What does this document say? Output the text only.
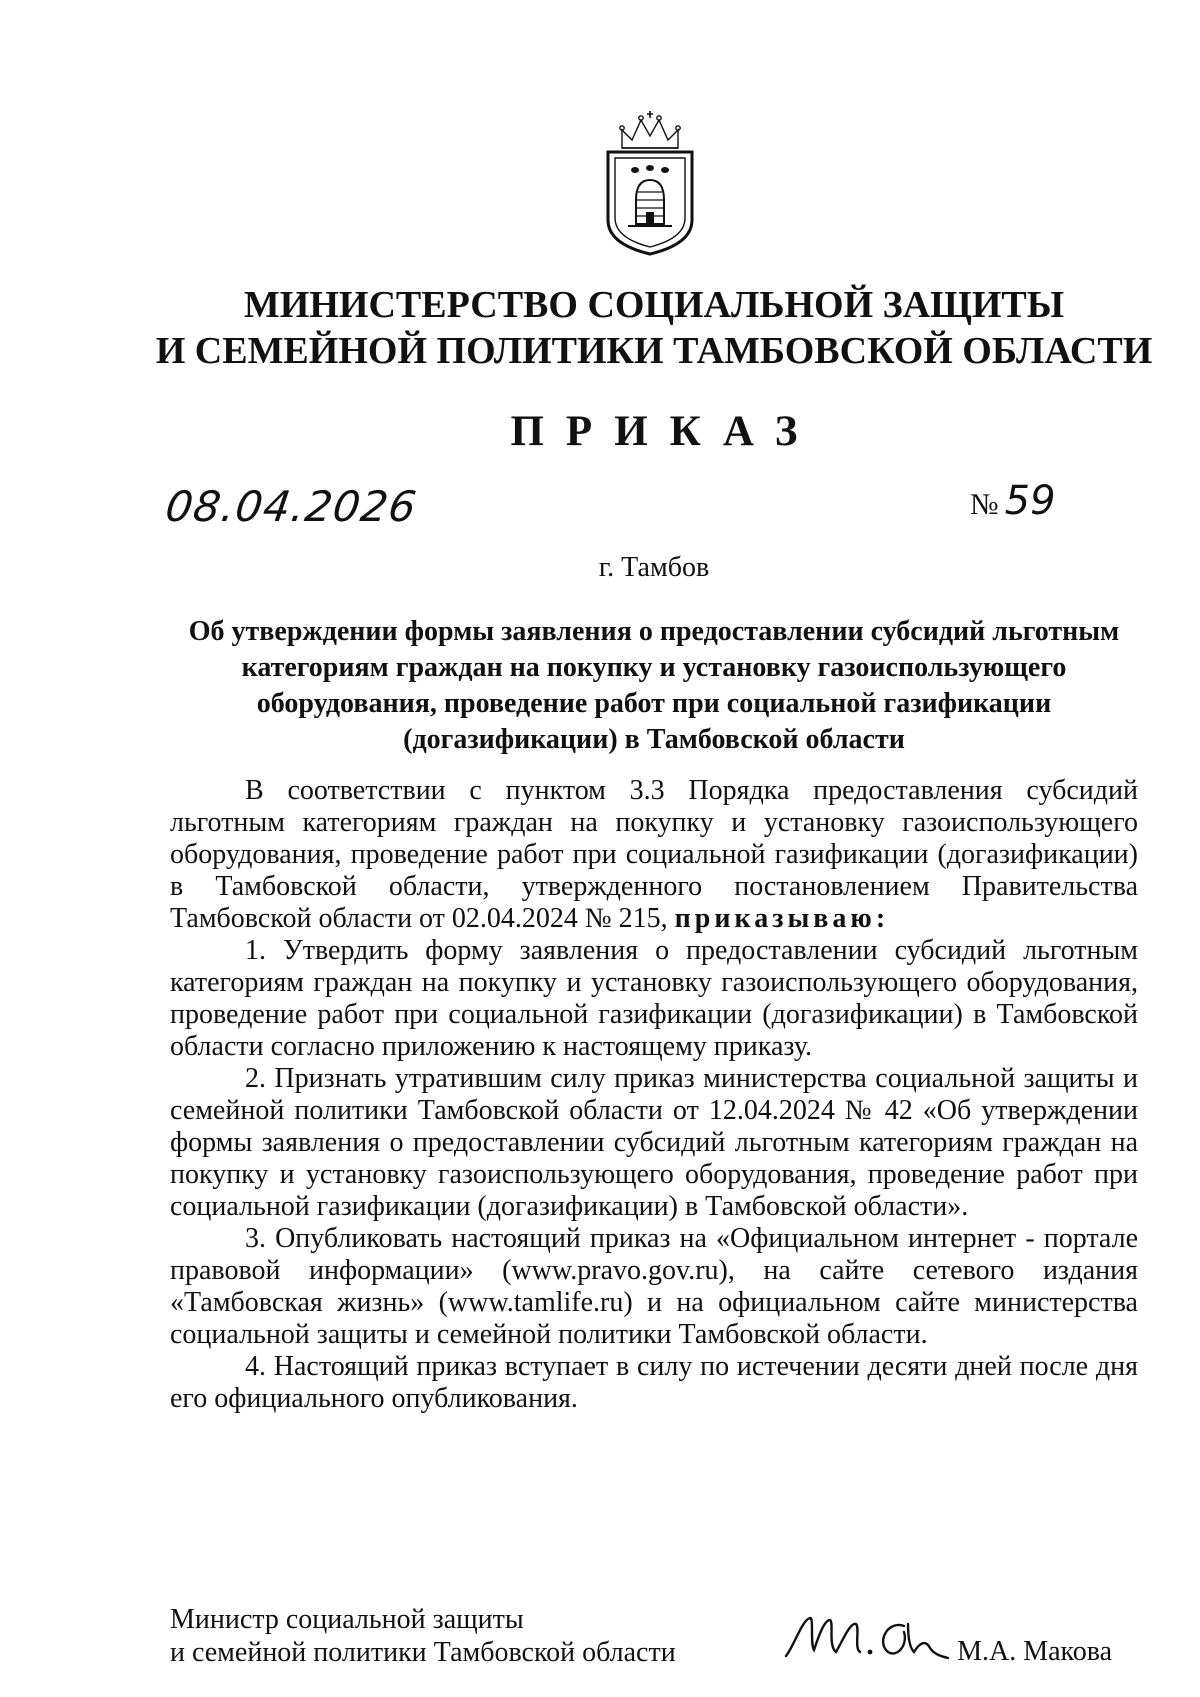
МИНИСТЕРСТВО СОЦИАЛЬНОЙ ЗАЩИТЫ
И СЕМЕЙНОЙ ПОЛИТИКИ ТАМБОВСКОЙ ОБЛАСТИ
ПРИКАЗ
08.04.2026	№ 59
г. Тамбов
Об утверждении формы заявления о предоставлении субсидий льготным
категориям граждан на покупку и установку газоиспользующего
оборудования, проведение работ при социальной газификации
(догазификации) в Тамбовской области

В соответствии с пунктом 3.3 Порядка предоставления субсидий льготным категориям граждан на покупку и установку газоиспользующего оборудования, проведение работ при социальной газификации (догазификации) в Тамбовской области, утвержденного постановлением Правительства Тамбовской области от 02.04.2024 № 215, приказываю:

1. Утвердить форму заявления о предоставлении субсидий льготным категориям граждан на покупку и установку газоиспользующего оборудования, проведение работ при социальной газификации (догазификации) в Тамбовской области согласно приложению к настоящему приказу.

2. Признать утратившим силу приказ министерства социальной защиты и семейной политики Тамбовской области от 12.04.2024 № 42 «Об утверждении формы заявления о предоставлении субсидий льготным категориям граждан на покупку и установку газоиспользующего оборудования, проведение работ при социальной газификации (догазификации) в Тамбовской области».

3. Опубликовать настоящий приказ на «Официальном интернет - портале правовой информации» (www.pravo.gov.ru), на сайте сетевого издания «Тамбовская жизнь» (www.tamlife.ru) и на официальном сайте министерства социальной защиты и семейной политики Тамбовской области.

4. Настоящий приказ вступает в силу по истечении десяти дней после дня его официального опубликования.

Министр социальной защиты
и семейной политики Тамбовской области	М.А. Макова
